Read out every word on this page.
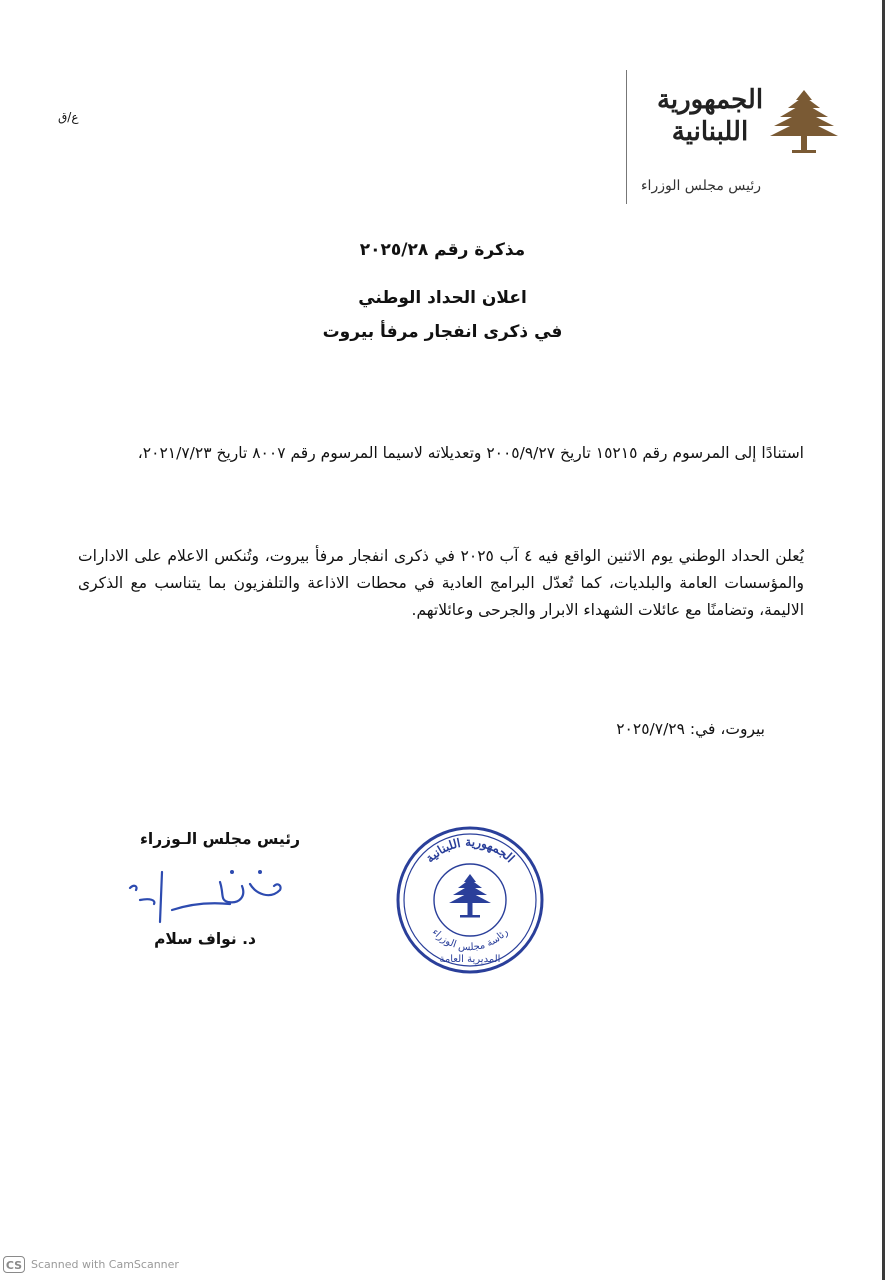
ع/ق
الجمهورية اللبنانية
رئيس مجلس الوزراء
مذكرة رقم ٢٠٢٥/٢٨
اعلان الحداد الوطني
في ذكرى انفجار مرفأ بيروت
استنادًا إلى المرسوم رقم ١٥٢١٥ تاريخ ٢٠٠٥/٩/٢٧ وتعديلاته لاسيما المرسوم رقم ٨٠٠٧ تاريخ ٢٠٢١/٧/٢٣،
يُعلن الحداد الوطني يوم الاثنين الواقع فيه ٤ آب ٢٠٢٥ في ذكرى انفجار مرفأ بيروت، وتُنكس الاعلام على الادارات والمؤسسات العامة والبلديات، كما تُعدّل البرامج العادية في محطات الاذاعة والتلفزيون بما يتناسب مع الذكرى الاليمة، وتضامنًا مع عائلات الشهداء الابرار والجرحى وعائلاتهم.
بيروت، في: ٢٠٢٥/٧/٢٩
رئيس مجلس الـوزراء
د. نواف سلام
الجمهورية اللبنانية
رئاسة مجلس الوزراء
المديرية العامة
CS Scanned with CamScanner
